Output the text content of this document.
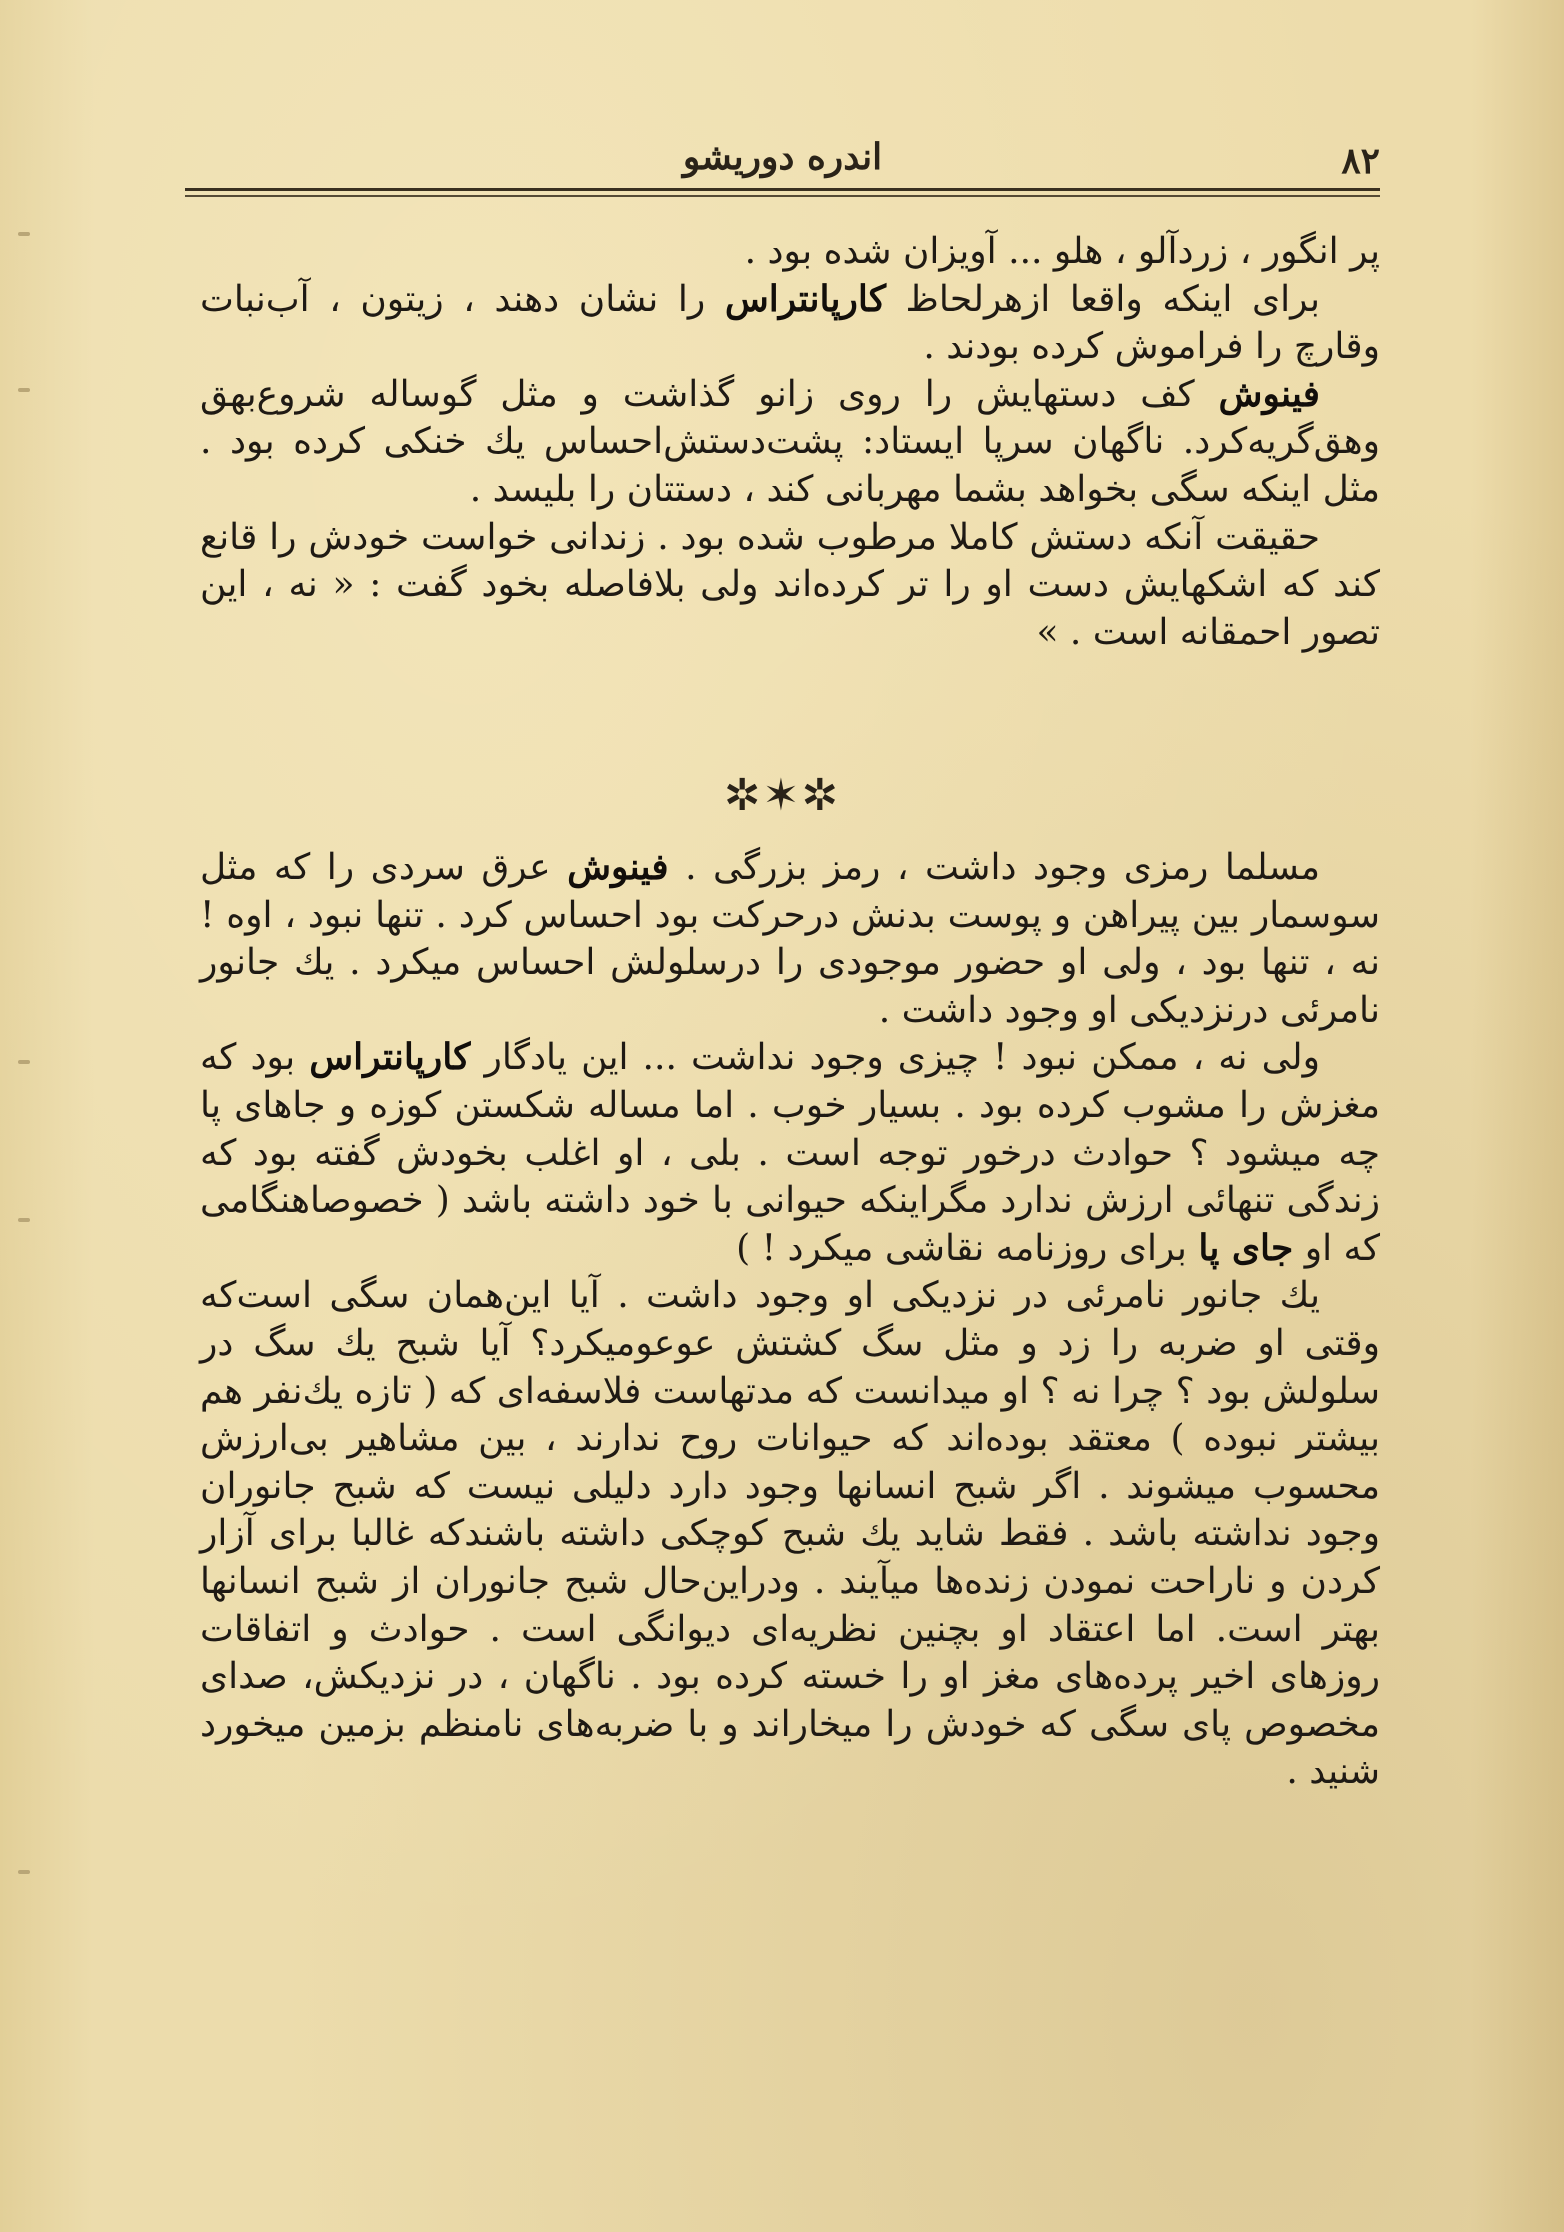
۸۲
اندره دوریشو

پر انگور ، زردآلو ، هلو ... آویزان شده بود .

برای اینکه واقعا ازهرلحاظ کارپانتراس را نشان دهند ، زیتون ، آب‌نبات وقارچ را فراموش کرده بودند .

فینوش کف دستهایش را روی زانو گذاشت و مثل گوساله شروع‌بهق وهق‌گریه‌کرد. ناگهان سرپا ایستاد: پشت‌دستش‌احساس یك خنکی کرده بود . مثل اینکه سگی بخواهد بشما مهربانی کند ، دستتان را بلیسد .

حقیقت آنکه دستش کاملا مرطوب شده بود . زندانی خواست خودش را قانع کند که اشکهایش دست او را تر کرده‌اند ولی بلافاصله بخود گفت : « نه ، این تصور احمقانه است . »

✲✶✲

مسلما رمزی وجود داشت ، رمز بزرگی . فینوش عرق سردی را که مثل سوسمار بین پیراهن و پوست بدنش درحرکت بود احساس کرد . تنها نبود ، اوه ! نه ، تنها بود ، ولی او حضور موجودی را درسلولش احساس میکرد . یك جانور نامرئی درنزدیکی او وجود داشت .

ولی نه ، ممکن نبود ! چیزی وجود نداشت ... این یادگار کارپانتراس بود که مغزش را مشوب کرده بود . بسیار خوب . اما مساله شکستن کوزه و جاهای پا چه میشود ؟ حوادث درخور توجه است . بلی ، او اغلب بخودش گفته بود که زندگی تنهائی ارزش ندارد مگراینکه حیوانی با خود داشته باشد ( خصوصاهنگامی که او جای پا برای روزنامه نقاشی میکرد ! )

یك جانور نامرئی در نزدیکی او وجود داشت . آیا این‌همان سگی است‌که وقتی او ضربه را زد و مثل سگ کشتش عوعومیکرد؟ آیا شبح یك سگ در سلولش بود ؟ چرا نه ؟ او میدانست که مدتهاست فلاسفه‌ای که ( تازه یك‌نفر هم بیشتر نبوده ) معتقد بوده‌اند که حیوانات روح ندارند ، بین مشاهیر بی‌ارزش محسوب میشوند . اگر شبح انسانها وجود دارد دلیلی نیست که شبح جانوران وجود نداشته باشد . فقط شاید یك شبح کوچکی داشته باشندکه غالبا برای آزار کردن و ناراحت نمودن زنده‌ها میآیند . ودراین‌حال شبح جانوران از شبح انسانها بهتر است. اما اعتقاد او بچنین نظریه‌ای دیوانگی است . حوادث و اتفاقات روزهای اخیر پرده‌های مغز او را خسته کرده بود . ناگهان ، در نزدیکش، صدای مخصوص پای سگی که خودش را میخاراند و با ضربه‌های نامنظم بزمین میخورد شنید .
